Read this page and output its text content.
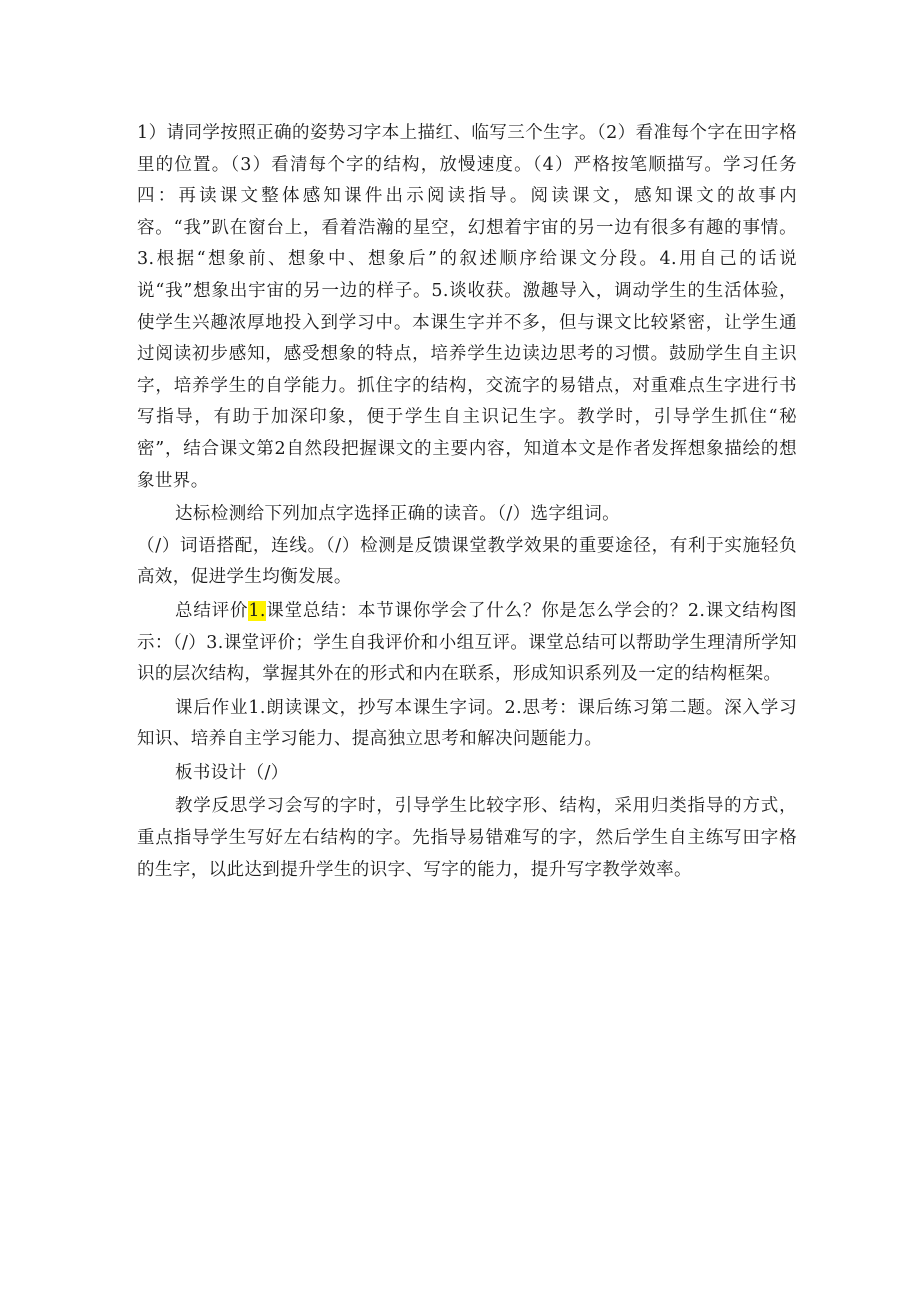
1）请同学按照正确的姿势习字本上描红、临写三个生字。（2）看准每个字在田字格里的位置。（3）看清每个字的结构，放慢速度。（4）严格按笔顺描写。学习任务四：再读课文整体感知课件出示阅读指导。阅读课文，感知课文的故事内容。“我”趴在窗台上，看着浩瀚的星空，幻想着宇宙的另一边有很多有趣的事情。3.根据“想象前、想象中、想象后”的叙述顺序给课文分段。4.用自己的话说说“我”想象出宇宙的另一边的样子。5.谈收获。激趣导入，调动学生的生活体验，使学生兴趣浓厚地投入到学习中。本课生字并不多，但与课文比较紧密，让学生通过阅读初步感知，感受想象的特点，培养学生边读边思考的习惯。鼓励学生自主识字，培养学生的自学能力。抓住字的结构，交流字的易错点，对重难点生字进行书写指导，有助于加深印象，便于学生自主识记生字。教学时，引导学生抓住“秘密”，结合课文第2自然段把握课文的主要内容，知道本文是作者发挥想象描绘的想象世界。

达标检测给下列加点字选择正确的读音。（/）选字组词。

（/）词语搭配，连线。（/）检测是反馈课堂教学效果的重要途径，有利于实施轻负高效，促进学生均衡发展。

总结评价1.课堂总结：本节课你学会了什么？你是怎么学会的？2.课文结构图示：（/）3.课堂评价；学生自我评价和小组互评。课堂总结可以帮助学生理清所学知识的层次结构，掌握其外在的形式和内在联系，形成知识系列及一定的结构框架。

课后作业1.朗读课文，抄写本课生字词。2.思考：课后练习第二题。深入学习知识、培养自主学习能力、提高独立思考和解决问题能力。

板书设计（/）

教学反思学习会写的字时，引导学生比较字形、结构，采用归类指导的方式，重点指导学生写好左右结构的字。先指导易错难写的字，然后学生自主练写田字格的生字，以此达到提升学生的识字、写字的能力，提升写字教学效率。
